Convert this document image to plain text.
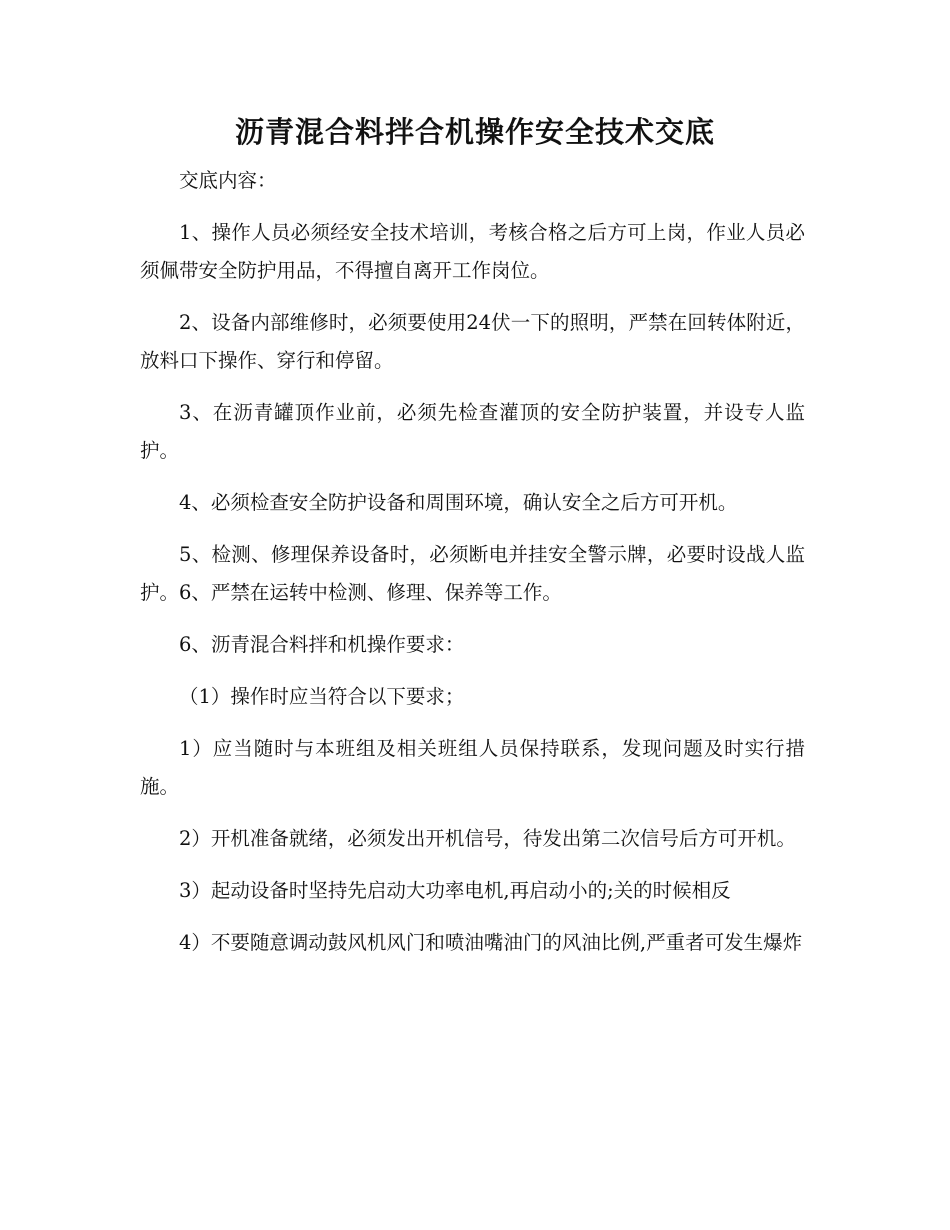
沥青混合料拌合机操作安全技术交底

交底内容：

1、操作人员必须经安全技术培训，考核合格之后方可上岗，作业人员必须佩带安全防护用品，不得擅自离开工作岗位。

2、设备内部维修时，必须要使用24伏一下的照明，严禁在回转体附近，放料口下操作、穿行和停留。

3、在沥青罐顶作业前，必须先检查灌顶的安全防护装置，并设专人监护。

4、必须检查安全防护设备和周围环境，确认安全之后方可开机。

5、检测、修理保养设备时，必须断电并挂安全警示牌，必要时设战人监护。6、严禁在运转中检测、修理、保养等工作。

6、沥青混合料拌和机操作要求：

（1）操作时应当符合以下要求；

1）应当随时与本班组及相关班组人员保持联系，发现问题及时实行措施。

2）开机准备就绪，必须发出开机信号，待发出第二次信号后方可开机。

3）起动设备时坚持先启动大功率电机,再启动小的;关的时候相反

4）不要随意调动鼓风机风门和喷油嘴油门的风油比例,严重者可发生爆炸
